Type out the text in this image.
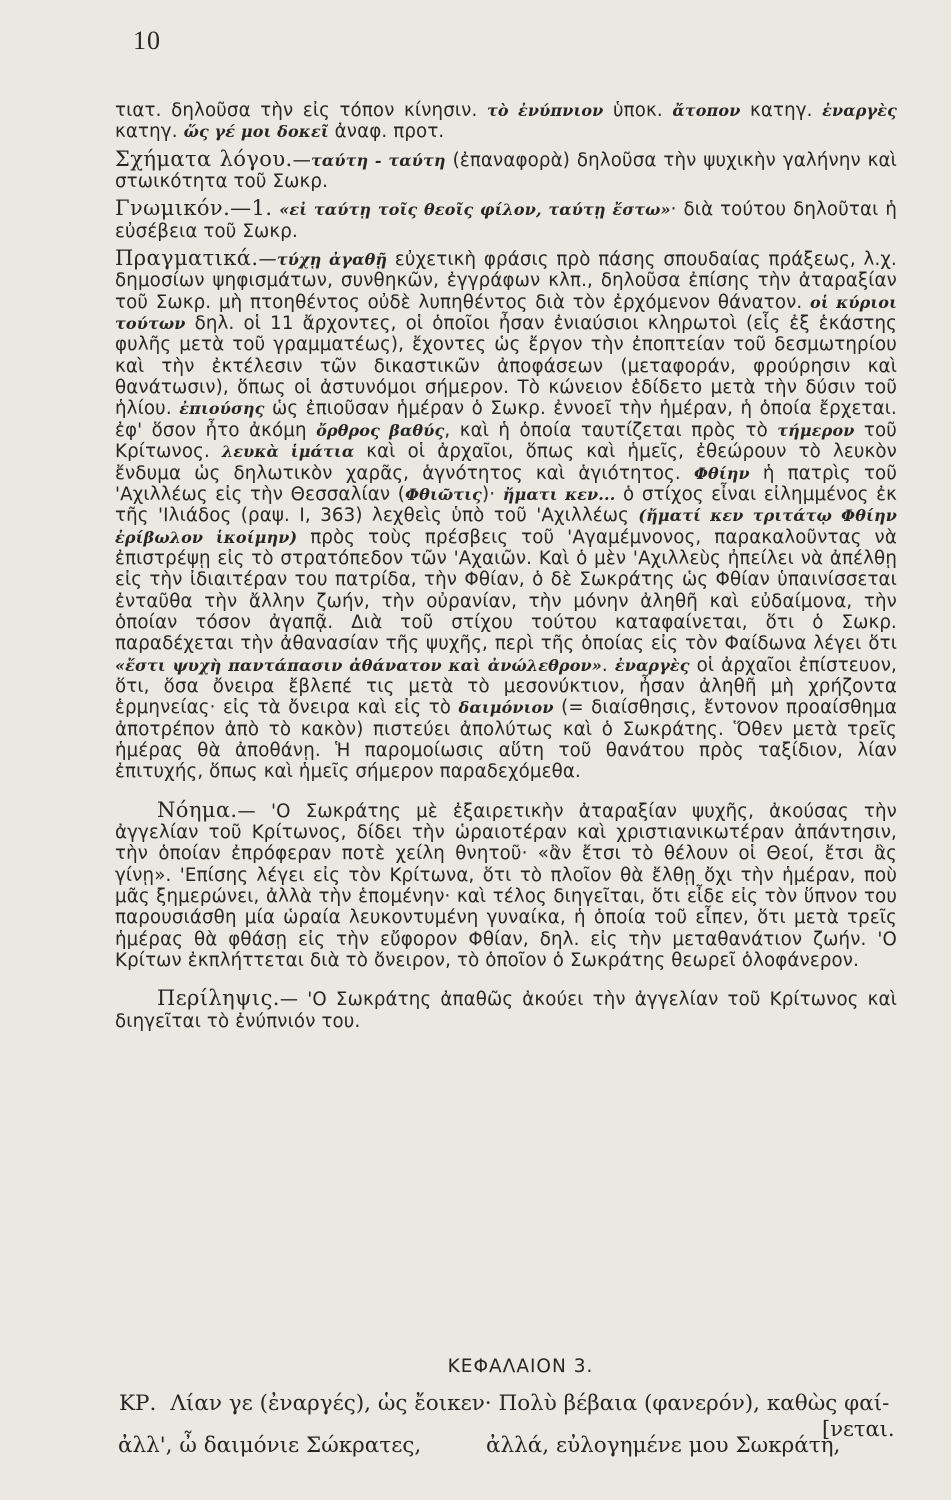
10

τιατ. δηλοῦσα τὴν εἰς τόπον κίνησιν. τὸ ἐνύπνιον ὑποκ. ἄτοπον κατηγ. ἐναργὲς κατηγ. ὥς γέ μοι δοκεῖ ἀναφ. προτ.

Σχήματα λόγου.—ταύτη - ταύτη (ἐπαναφορὰ) δηλοῦσα τὴν ψυχικὴν γαλήνην καὶ στωικότητα τοῦ Σωκρ.

Γνωμικόν.—1. «εἰ ταύτῃ τοῖς θεοῖς φίλον, ταύτῃ ἔστω»· διὰ τούτου δηλοῦται ἡ εὐσέβεια τοῦ Σωκρ.

Πραγματικά.—τύχῃ ἀγαθῇ εὐχετικὴ φράσις πρὸ πάσης σπουδαίας πράξεως, λ.χ. δημοσίων ψηφισμάτων, συνθηκῶν, ἐγγράφων κλπ., δηλοῦσα ἐπίσης τὴν ἀταραξίαν τοῦ Σωκρ. μὴ πτοηθέντος οὐδὲ λυπηθέντος διὰ τὸν ἐρχόμενον θάνατον. οἱ κύριοι τούτων δηλ. οἱ 11 ἄρχοντες, οἱ ὁποῖοι ἦσαν ἐνιαύσιοι κληρωτοὶ (εἷς ἐξ ἑκάστης φυλῆς μετὰ τοῦ γραμματέως), ἔχοντες ὡς ἔργον τὴν ἐποπτείαν τοῦ δεσμωτηρίου καὶ τὴν ἐκτέλεσιν τῶν δικαστικῶν ἀποφάσεων (μεταφοράν, φρούρησιν καὶ θανάτωσιν), ὅπως οἱ ἀστυνόμοι σήμερον. Τὸ κώνειον ἐδίδετο μετὰ τὴν δύσιν τοῦ ἡλίου. ἐπιούσης ὡς ἐπιοῦσαν ἡμέραν ὁ Σωκρ. ἐννοεῖ τὴν ἡμέραν, ἡ ὁποία ἔρχεται. ἐφ' ὅσον ἦτο ἀκόμη ὄρθρος βαθύς, καὶ ἡ ὁποία ταυτίζεται πρὸς τὸ τήμερον τοῦ Κρίτωνος. λευκὰ ἱμάτια καὶ οἱ ἀρχαῖοι, ὅπως καὶ ἡμεῖς, ἐθεώρουν τὸ λευκὸν ἔνδυμα ὡς δηλωτικὸν χαρᾶς, ἁγνότητος καὶ ἁγιότητος. Φθίην ἡ πατρὶς τοῦ 'Αχιλλέως εἰς τὴν Θεσσαλίαν (Φθιῶτις)· ἤματι κεν... ὁ στίχος εἶναι εἰλημμένος ἐκ τῆς 'Ιλιάδος (ραψ. Ι, 363) λεχθεὶς ὑπὸ τοῦ 'Αχιλλέως (ἤματί κεν τριτάτῳ Φθίην ἐρίβωλον ἱκοίμην) πρὸς τοὺς πρέσβεις τοῦ 'Αγαμέμνονος, παρακαλοῦντας νὰ ἐπιστρέψῃ εἰς τὸ στρατόπεδον τῶν 'Αχαιῶν. Καὶ ὁ μὲν 'Αχιλλεὺς ἠπείλει νὰ ἀπέλθῃ εἰς τὴν ἰδιαιτέραν του πατρίδα, τὴν Φθίαν, ὁ δὲ Σωκράτης ὡς Φθίαν ὑπαινίσσεται ἐνταῦθα τὴν ἄλλην ζωήν, τὴν οὐρανίαν, τὴν μόνην ἀληθῆ καὶ εὐδαίμονα, τὴν ὁποίαν τόσον ἀγαπᾷ. Διὰ τοῦ στίχου τούτου καταφαίνεται, ὅτι ὁ Σωκρ. παραδέχεται τὴν ἀθανασίαν τῆς ψυχῆς, περὶ τῆς ὁποίας εἰς τὸν Φαίδωνα λέγει ὅτι «ἔστι ψυχὴ παντάπασιν ἀθάνατον καὶ ἀνώλεθρον». ἐναργὲς οἱ ἀρχαῖοι ἐπίστευον, ὅτι, ὅσα ὄνειρα ἔβλεπέ τις μετὰ τὸ μεσονύκτιον, ἦσαν ἀληθῆ μὴ χρήζοντα ἑρμηνείας· εἰς τὰ ὄνειρα καὶ εἰς τὸ δαιμόνιον (= διαίσθησις, ἔντονον προαίσθημα ἀποτρέπον ἀπὸ τὸ κακὸν) πιστεύει ἀπολύτως καὶ ὁ Σωκράτης. Ὅθεν μετὰ τρεῖς ἡμέρας θὰ ἀποθάνῃ. Ἡ παρομοίωσις αὕτη τοῦ θανάτου πρὸς ταξίδιον, λίαν ἐπιτυχής, ὅπως καὶ ἡμεῖς σήμερον παραδεχόμεθα.

Νόημα.— 'Ο Σωκράτης μὲ ἐξαιρετικὴν ἀταραξίαν ψυχῆς, ἀκούσας τὴν ἀγγελίαν τοῦ Κρίτωνος, δίδει τὴν ὡραιοτέραν καὶ χριστιανικωτέραν ἀπάντησιν, τὴν ὁποίαν ἐπρόφεραν ποτὲ χείλη θνητοῦ· «ἂν ἔτσι τὸ θέλουν οἱ Θεοί, ἔτσι ἂς γίνῃ». 'Επίσης λέγει εἰς τὸν Κρίτωνα, ὅτι τὸ πλοῖον θὰ ἔλθῃ ὄχι τὴν ἡμέραν, ποὺ μᾶς ξημερώνει, ἀλλὰ τὴν ἑπομένην· καὶ τέλος διηγεῖται, ὅτι εἶδε εἰς τὸν ὕπνον του παρουσιάσθη μία ὡραία λευκοντυμένη γυναίκα, ἡ ὁποία τοῦ εἶπεν, ὅτι μετὰ τρεῖς ἡμέρας θὰ φθάσῃ εἰς τὴν εὔφορον Φθίαν, δηλ. εἰς τὴν μεταθανάτιον ζωήν. 'Ο Κρίτων ἐκπλήττεται διὰ τὸ ὄνειρον, τὸ ὁποῖον ὁ Σωκράτης θεωρεῖ ὁλοφάνερον.

Περίληψις.— 'Ο Σωκράτης ἀπαθῶς ἀκούει τὴν ἀγγελίαν τοῦ Κρίτωνος καὶ διηγεῖται τὸ ἐνύπνιόν του.

ΚΕΦΑΛΑΙΟΝ 3.
ΚΡ. Λίαν γε (ἐναργές), ὡς ἔοικεν· Πολὺ βέβαια (φανερόν), καθὼς φαί-
[νεται.
ἀλλ', ὦ δαιμόνιε Σώκρατες,	ἀλλά, εὐλογημένε μου Σωκράτη,
